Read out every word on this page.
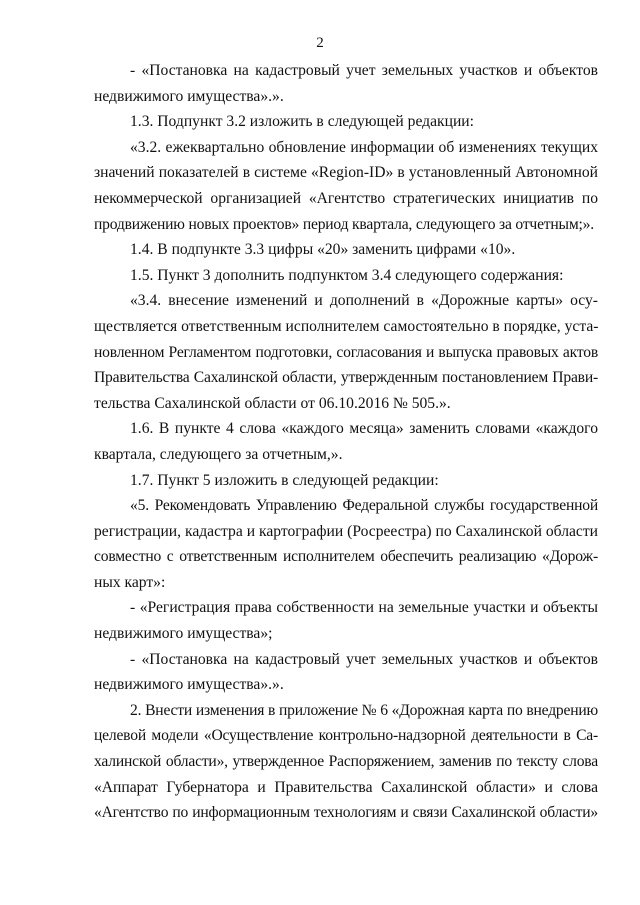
2
- «Постановка на кадастровый учет земельных участков и объектов
недвижимого имущества».».
1.3. Подпункт 3.2 изложить в следующей редакции:
«3.2. ежеквартально обновление информации об изменениях текущих
значений показателей в системе «Region-ID» в установленный Автономной
некоммерческой организацией «Агентство стратегических инициатив по
продвижению новых проектов» период квартала, следующего за отчетным;».
1.4. В подпункте 3.3 цифры «20» заменить цифрами «10».
1.5. Пункт 3 дополнить подпунктом 3.4 следующего содержания:
«3.4. внесение изменений и дополнений в «Дорожные карты» осу-
ществляется ответственным исполнителем самостоятельно в порядке, уста-
новленном Регламентом подготовки, согласования и выпуска правовых актов
Правительства Сахалинской области, утвержденным постановлением Прави-
тельства Сахалинской области от 06.10.2016 № 505.».
1.6. В пункте 4 слова «каждого месяца» заменить словами «каждого
квартала, следующего за отчетным,».
1.7. Пункт 5 изложить в следующей редакции:
«5. Рекомендовать Управлению Федеральной службы государственной
регистрации, кадастра и картографии (Росреестра) по Сахалинской области
совместно с ответственным исполнителем обеспечить реализацию «Дорож-
ных карт»:
- «Регистрация права собственности на земельные участки и объекты
недвижимого имущества»;
- «Постановка на кадастровый учет земельных участков и объектов
недвижимого имущества».».
2. Внести изменения в приложение № 6 «Дорожная карта по внедрению
целевой модели «Осуществление контрольно-надзорной деятельности в Са-
халинской области», утвержденное Распоряжением, заменив по тексту слова
«Аппарат Губернатора и Правительства Сахалинской области» и слова
«Агентство по информационным технологиям и связи Сахалинской области»
